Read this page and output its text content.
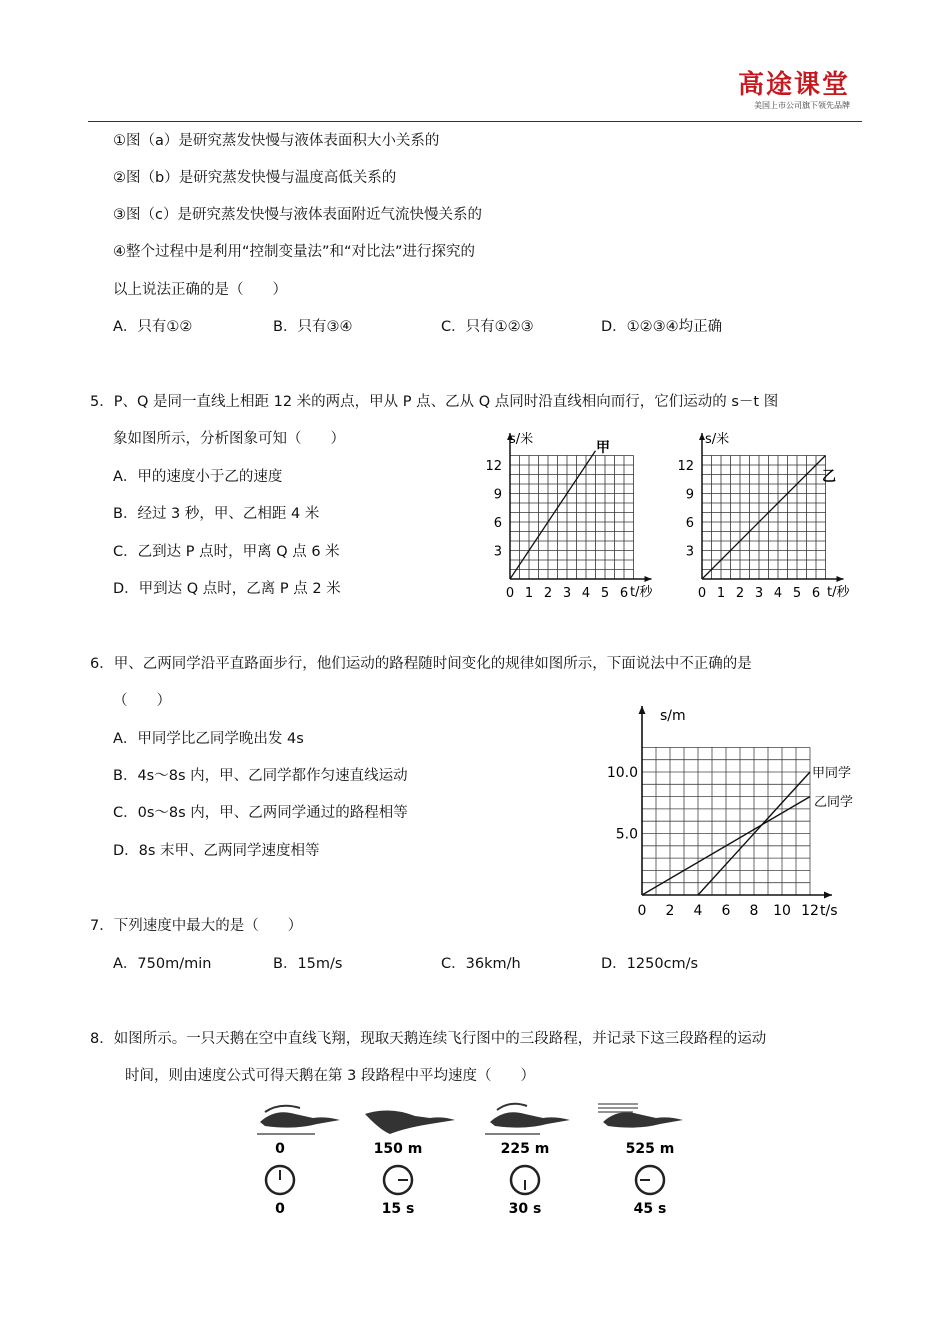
高途课堂
美国上市公司旗下领先品牌
①图（a）是研究蒸发快慢与液体表面积大小关系的
②图（b）是研究蒸发快慢与温度高低关系的
③图（c）是研究蒸发快慢与液体表面附近气流快慢关系的
④整个过程中是利用“控制变量法”和“对比法”进行探究的
以上说法正确的是（　　）
A．只有①②	B．只有③④	C．只有①②③	D．①②③④均正确
5．P、Q 是同一直线上相距 12 米的两点，甲从 P 点、乙从 Q 点同时沿直线相向而行，它们运动的 s－t 图
象如图所示，分析图象可知（　　）
A．甲的速度小于乙的速度
B．经过 3 秒，甲、乙相距 4 米
C．乙到达 P 点时，甲离 Q 点 6 米
D．甲到达 Q 点时，乙离 P 点 2 米	0 1 2 3 4 5 6
3
6
9
12
s/米
t/秒
甲
0 1 2 3 4 5 6
3
6
9
12
s/米
t/秒
乙
6．甲、乙两同学沿平直路面步行，他们运动的路程随时间变化的规律如图所示，下面说法中不正确的是
（　　）
A．甲同学比乙同学晚出发 4s
B．4s～8s 内，甲、乙同学都作匀速直线运动
C．0s～8s 内，甲、乙两同学通过的路程相等
D．8s 末甲、乙两同学速度相等
0 2 4 6 8 10 12
5.0
10.0
s/m
t/s
甲同学
乙同学
7．下列速度中最大的是（　　）
A．750m/min	B．15m/s	C．36km/h	D．1250cm/s
8．如图所示。一只天鹅在空中直线飞翔，现取天鹅连续飞行图中的三段路程，并记录下这三段路程的运动
时间，则由速度公式可得天鹅在第 3 段路程中平均速度（　　）
0	150 m	225 m	525 m
0	15 s	30 s	45 s
